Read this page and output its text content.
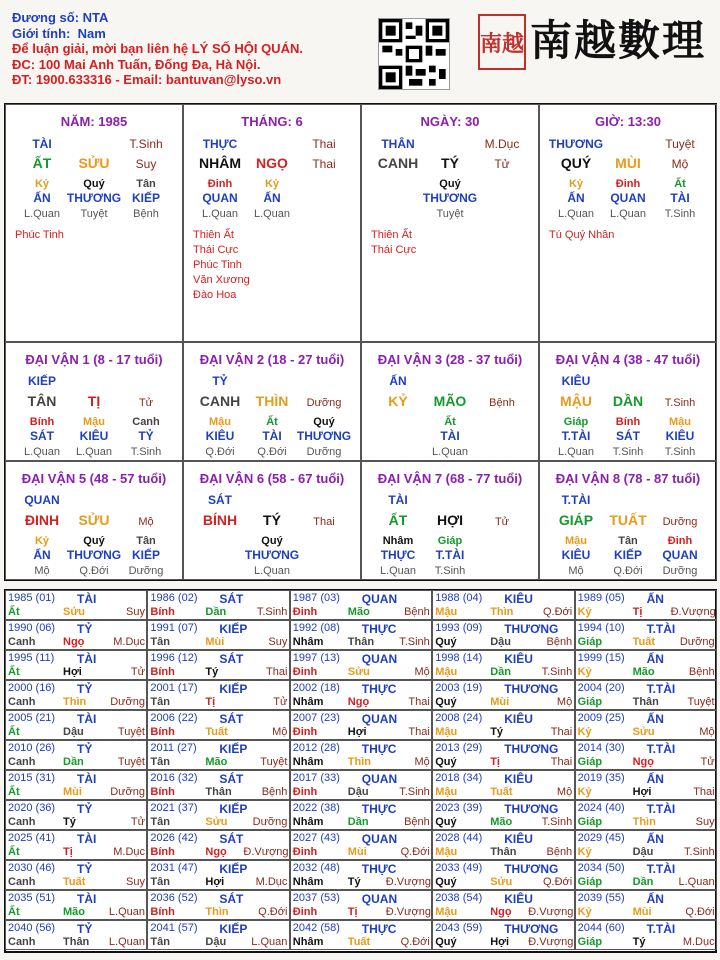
Đương số: NTA
Giới tính: Nam
Để luận giải, mời bạn liên hệ LÝ SỐ HỘI QUÁN.
ĐC: 100 Mai Anh Tuấn, Đống Đa, Hà Nội.
ĐT: 1900.633316 - Email: bantuvan@lyso.vn
南越 南越數理
NĂM: 1985
TÀI	T.Sinh
ẤT	SỬU	Suy
Kỷ
ẤN
L.Quan
Quý
THƯƠNG
Tuyệt
Tân
KIẾP
Bệnh
Phúc Tinh
THÁNG: 6
THỰC	Thai
NHÂM	NGỌ	Thai
Đinh
QUAN
L.Quan
Kỷ
ẤN
L.Quan
Thiên Ất
Thái Cực
Phúc Tinh
Văn Xương
Đào Hoa
NGÀY: 30
THÂN	M.Dục
CANH	TÝ	Tử
Quý
THƯƠNG
Tuyệt
Thiên Ất
Thái Cực
GIỜ: 13:30
THƯƠNG	Tuyệt
QUÝ	MÙI	Mộ
Kỷ
ẤN
L.Quan
Đinh
QUAN
L.Quan
Ất
TÀI
T.Sinh
Tú Quý Nhân
ĐẠI VẬN 1 (8 - 17 tuổi)
KIẾP
TÂN	TỊ	Tử
Bính
SÁT
L.Quan
Mậu
KIÊU
L.Quan
Canh
TỶ
T.Sinh
ĐẠI VẬN 2 (18 - 27 tuổi)
TỶ
CANH	THÌN	Dưỡng
Mậu
KIÊU
Q.Đới
Ất
TÀI
Q.Đới
Quý
THƯƠNG
Dưỡng
ĐẠI VẬN 3 (28 - 37 tuổi)
ẤN
KỶ	MÃO	Bệnh
Ất
TÀI
L.Quan
ĐẠI VẬN 4 (38 - 47 tuổi)
KIÊU
MẬU	DẦN	T.Sinh
Giáp
T.TÀI
L.Quan
Bính
SÁT
T.Sinh
Mậu
KIÊU
T.Sinh
ĐẠI VẬN 5 (48 - 57 tuổi)
QUAN
ĐINH	SỬU	Mộ
Kỷ
ẤN
Mộ
Quý
THƯƠNG
Q.Đới
Tân
KIẾP
Dưỡng
ĐẠI VẬN 6 (58 - 67 tuổi)
SÁT
BÍNH	TÝ	Thai
Quý
THƯƠNG
L.Quan
ĐẠI VẬN 7 (68 - 77 tuổi)
TÀI
ẤT	HỢI	Tử
Nhâm
THỰC
L.Quan
Giáp
T.TÀI
T.Sinh
ĐẠI VẬN 8 (78 - 87 tuổi)
T.TÀI
GIÁP	TUẤT	Dưỡng
Mậu
KIÊU
Mộ
Tân
KIẾP
Q.Đới
Đinh
QUAN
Dưỡng
1985 (01) TÀI
Ất	Sửu	Suy
1986 (02) SÁT
Bính	Dần	T.Sinh
1987 (03) QUAN
Đinh	Mão	Bệnh
1988 (04) KIÊU
Mậu	Thìn	Q.Đới
1989 (05) ẤN
Kỷ	Tị	Đ.Vượng
1990 (06) TỶ
Canh	Ngọ	M.Dục
1991 (07) KIẾP
Tân	Mùi	Suy
1992 (08) THỰC
Nhâm Thân	T.Sinh
1993 (09) THƯƠNG
Quý	Dậu	Bệnh
1994 (10) T.TÀI
Giáp	Tuất	Dưỡng
1995 (11) TÀI
Ất	Hợi	Tử
1996 (12) SÁT
Bính	Tý	Thai
1997 (13) QUAN
Đinh	Sửu	Mộ
1998 (14) KIÊU
Mậu	Dần	T.Sinh
1999 (15) ẤN
Kỷ	Mão	Bệnh
2000 (16) TỶ
Canh	Thìn	Dưỡng
2001 (17) KIẾP
Tân	Tị	Tử
2002 (18) THỰC
Nhâm Ngọ	Thai
2003 (19) THƯƠNG
Quý	Mùi	Mộ
2004 (20) T.TÀI
Giáp	Thân	Tuyệt
2005 (21) TÀI
Ất	Dậu	Tuyệt
2006 (22) SÁT
Bính	Tuất	Mộ
2007 (23) QUAN
Đinh	Hợi	Thai
2008 (24) KIÊU
Mậu	Tý	Thai
2009 (25) ẤN
Kỷ	Sửu	Mộ
2010 (26) TỶ
Canh	Dần	Tuyệt
2011 (27) KIẾP
Tân	Mão	Tuyệt
2012 (28) THỰC
Nhâm Thìn	Mộ
2013 (29) THƯƠNG
Quý	Tị	Thai
2014 (30) T.TÀI
Giáp	Ngọ	Tử
2015 (31) TÀI
Ất	Mùi	Dưỡng
2016 (32) SÁT
Bính	Thân	Bệnh
2017 (33) QUAN
Đinh	Dậu	T.Sinh
2018 (34) KIÊU
Mậu	Tuất	Mộ
2019 (35) ẤN
Kỷ	Hợi	Thai
2020 (36) TỶ
Canh	Tý	Tử
2021 (37) KIẾP
Tân	Sửu	Dưỡng
2022 (38) THỰC
Nhâm Dần	Bệnh
2023 (39) THƯƠNG
Quý	Mão	T.Sinh
2024 (40) T.TÀI
Giáp	Thìn	Suy
2025 (41) TÀI
Ất	Tị	M.Dục
2026 (42) SÁT
Bính	Ngọ Đ.Vượng
2027 (43) QUAN
Đinh	Mùi	Q.Đới
2028 (44) KIÊU
Mậu	Thân	Bệnh
2029 (45) ẤN
Kỷ	Dậu	T.Sinh
2030 (46) TỶ
Canh	Tuất	Suy
2031 (47) KIẾP
Tân	Hợi	M.Dục
2032 (48) THỰC
Nhâm Tý Đ.Vượng
2033 (49) THƯƠNG
Quý	Sửu	Q.Đới
2034 (50) T.TÀI
Giáp	Dần	L.Quan
2035 (51) TÀI
Ất	Mão	L.Quan
2036 (52) SÁT
Bính	Thìn	Q.Đới
2037 (53) QUAN
Đinh	Tị	Đ.Vượng
2038 (54) KIÊU
Mậu	Ngọ Đ.Vượng
2039 (55) ẤN
Kỷ	Mùi	Q.Đới
2040 (56) TỶ
Canh	Thân	L.Quan
2041 (57) KIẾP
Tân	Dậu	L.Quan
2042 (58) THỰC
Nhâm Tuất	Q.Đới
2043 (59) THƯƠNG
Quý	Hợi Đ.Vượng
2044 (60) T.TÀI
Giáp	Tý	M.Dục
